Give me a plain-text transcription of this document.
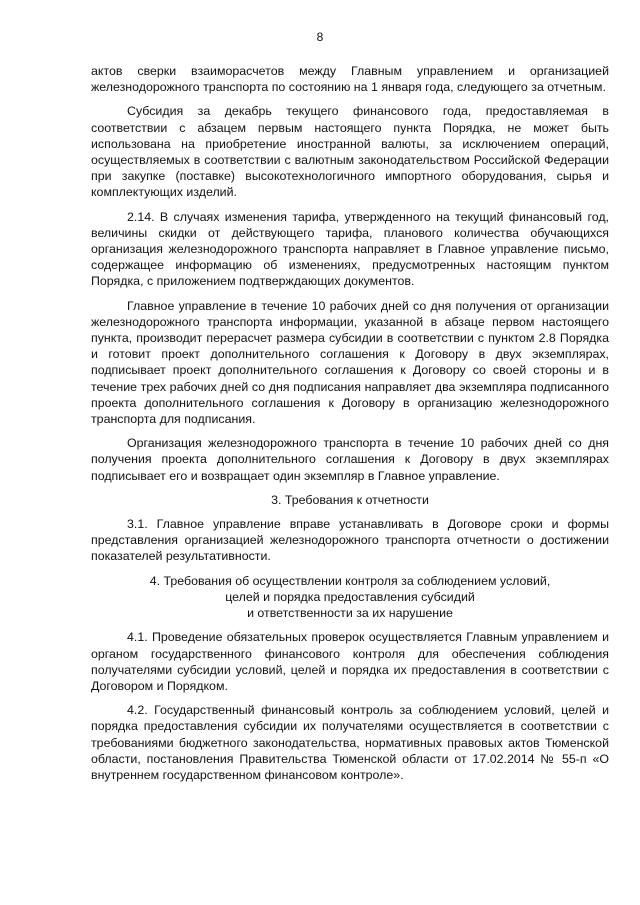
8

актов сверки взаиморасчетов между Главным управлением и организацией железнодорожного транспорта по состоянию на 1 января года, следующего за отчетным.

Субсидия за декабрь текущего финансового года, предоставляемая в соответствии с абзацем первым настоящего пункта Порядка, не может быть использована на приобретение иностранной валюты, за исключением операций, осуществляемых в соответствии с валютным законодательством Российской Федерации при закупке (поставке) высокотехнологичного импортного оборудования, сырья и комплектующих изделий.

2.14. В случаях изменения тарифа, утвержденного на текущий финансовый год, величины скидки от действующего тарифа, планового количества обучающихся организация железнодорожного транспорта направляет в Главное управление письмо, содержащее информацию об изменениях, предусмотренных настоящим пунктом Порядка, с приложением подтверждающих документов.

Главное управление в течение 10 рабочих дней со дня получения от организации железнодорожного транспорта информации, указанной в абзаце первом настоящего пункта, производит перерасчет размера субсидии в соответствии с пунктом 2.8 Порядка и готовит проект дополнительного соглашения к Договору в двух экземплярах, подписывает проект дополнительного соглашения к Договору со своей стороны и в течение трех рабочих дней со дня подписания направляет два экземпляра подписанного проекта дополнительного соглашения к Договору в организацию железнодорожного транспорта для подписания.

Организация железнодорожного транспорта в течение 10 рабочих дней со дня получения проекта дополнительного соглашения к Договору в двух экземплярах подписывает его и возвращает один экземпляр в Главное управление.

3. Требования к отчетности

3.1. Главное управление вправе устанавливать в Договоре сроки и формы представления организацией железнодорожного транспорта отчетности о достижении показателей результативности.

4. Требования об осуществлении контроля за соблюдением условий,
целей и порядка предоставления субсидий
и ответственности за их нарушение

4.1. Проведение обязательных проверок осуществляется Главным управлением и органом государственного финансового контроля для обеспечения соблюдения получателями субсидии условий, целей и порядка их предоставления в соответствии с Договором и Порядком.

4.2. Государственный финансовый контроль за соблюдением условий, целей и порядка предоставления субсидии их получателями осуществляется в соответствии с требованиями бюджетного законодательства, нормативных правовых актов Тюменской области, постановления Правительства Тюменской области от 17.02.2014 № 55-п «О внутреннем государственном финансовом контроле».
